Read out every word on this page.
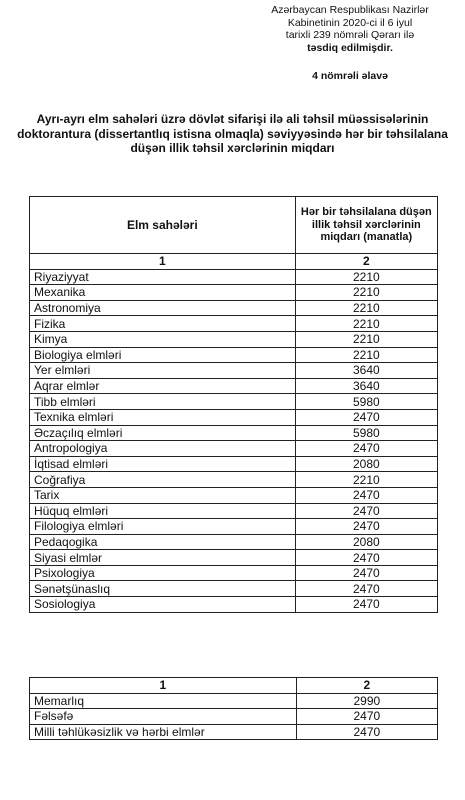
Azərbaycan Respublikası Nazirlər
Kabinetinin 2020-ci il 6 iyul
tarixli 239 nömrəli Qərarı ilə
təsdiq edilmişdir.
4 nömrəli əlavə
Ayrı-ayrı elm sahələri üzrə dövlət sifarişi ilə ali təhsil müəssisələrinin doktorantura (dissertantlıq istisna olmaqla) səviyyəsində hər bir təhsilalana düşən illik təhsil xərclərinin miqdarı
Elm sahələri	Hər bir təhsilalana düşən illik təhsil xərclərinin miqdarı (manatla)
1	2
Riyaziyyat	2210
Mexanika	2210
Astronomiya	2210
Fizika	2210
Kimya	2210
Biologiya elmləri	2210
Yer elmləri	3640
Aqrar elmlər	3640
Tibb elmləri	5980
Texnika elmləri	2470
Əczaçılıq elmləri	5980
Antropologiya	2470
İqtisad elmləri	2080
Coğrafiya	2210
Tarix	2470
Hüquq elmləri	2470
Filologiya elmləri	2470
Pedaqogika	2080
Siyasi elmlər	2470
Psixologiya	2470
Sənətşünaslıq	2470
Sosiologiya	2470
1	2
Memarlıq	2990
Fəlsəfə	2470
Milli təhlükəsizlik və hərbi elmlər	2470
